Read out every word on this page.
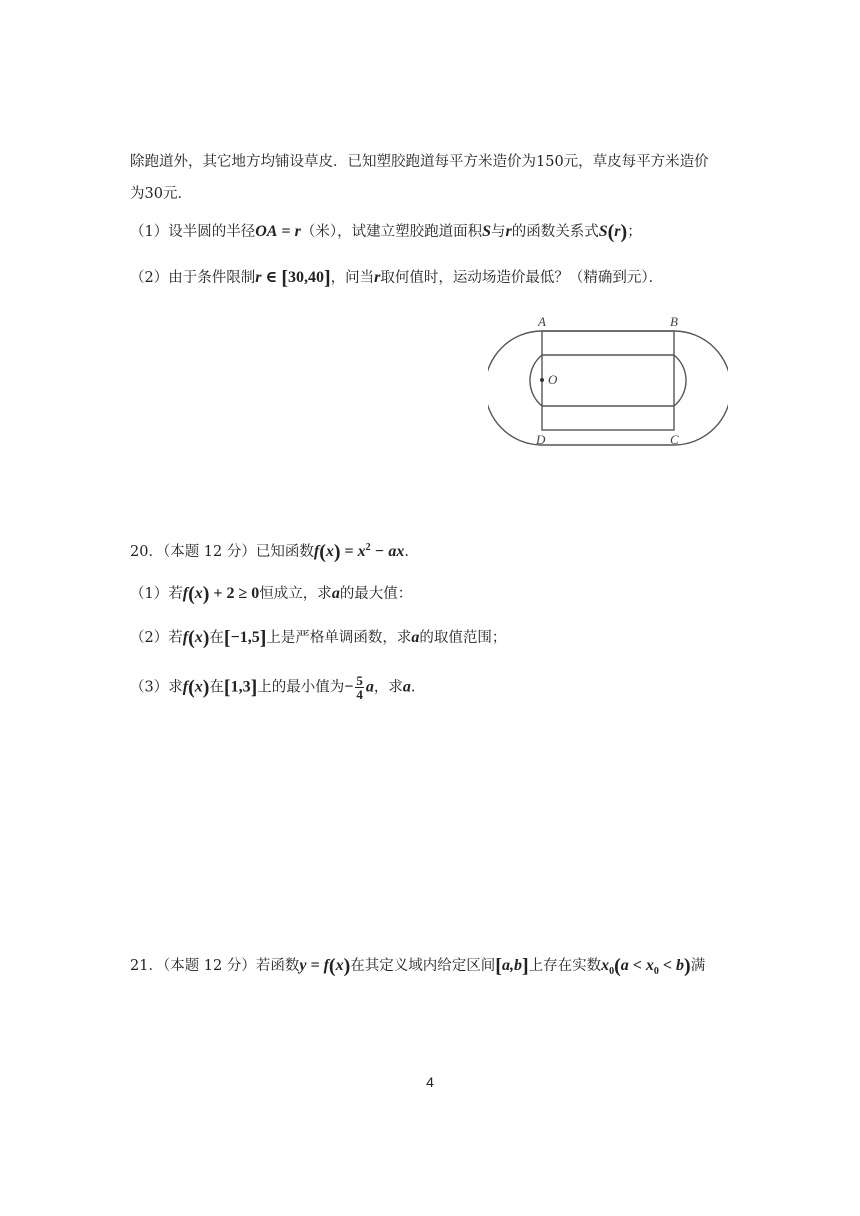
除跑道外，其它地方均铺设草皮．已知塑胶跑道每平方米造价为150元，草皮每平方米造价
为30元．
（1）设半圆的半径OA = r（米），试建立塑胶跑道面积S与r的函数关系式S(r)；
（2）由于条件限制r ∈ [30,40]，问当r取何值时，运动场造价最低？（精确到元）．
A	B
C
D
O
20．（本题 12 分）已知函数$f(x) = x^2$ − ax．
（1）若f(x) + 2 ≥ 0恒成立，求a的最大值：
（2）若f(x)在[−1,5]上是严格单调函数，求a的取值范围；
（3）求f(x)在[1,3]上的最小值为− $\frac{5}{4}$ a，求a．
21．（本题 12 分）若函数y = f(x)在其定义域内给定区间[a,b]上存在实数$x_0(a < x_0 < b)$满
4
